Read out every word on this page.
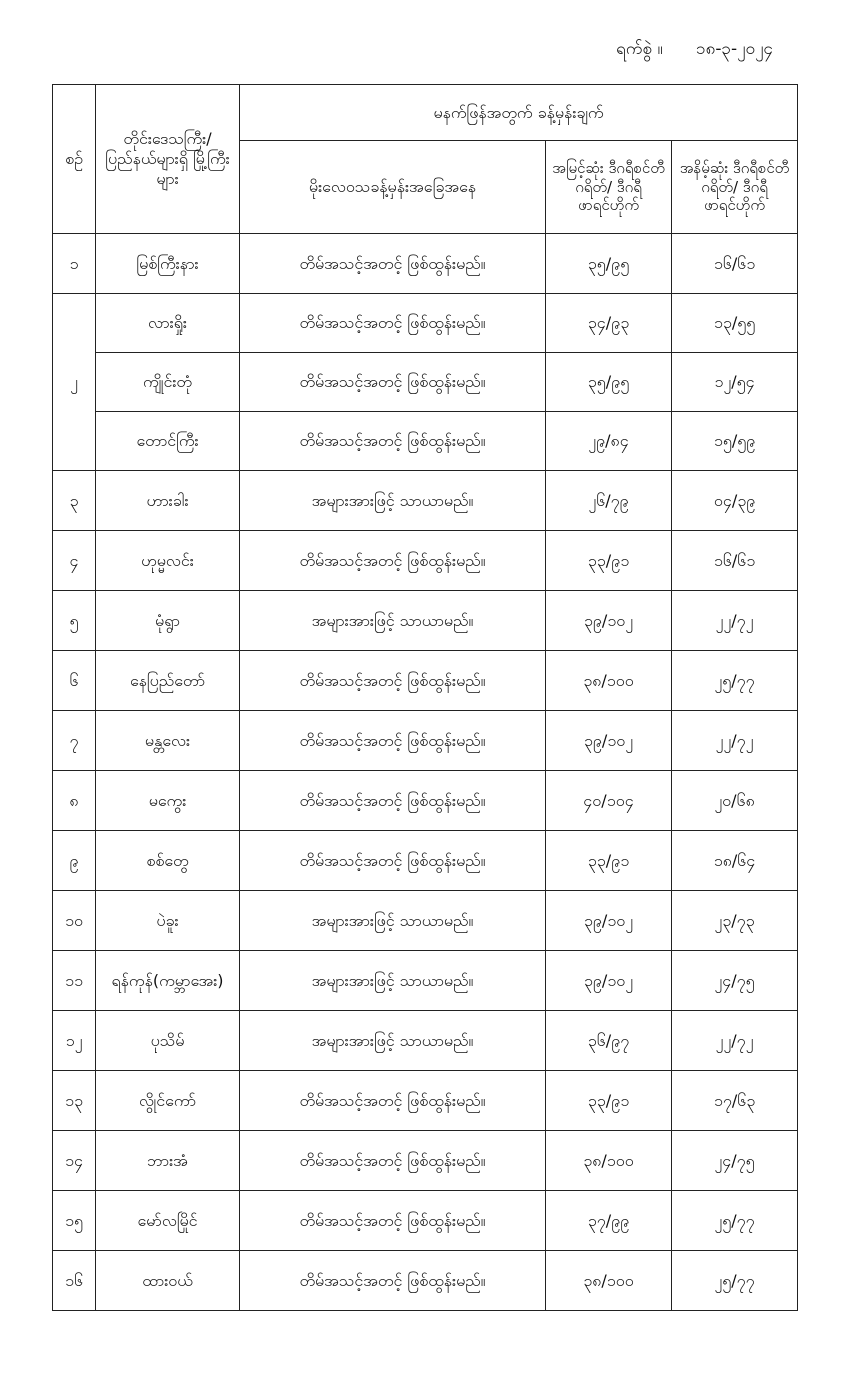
ရက်စွဲ ။ ၁၈-၃-၂၀၂၄
စဉ်	တိုင်းဒေသကြီး/ ပြည်နယ်များရှိ မြို့ကြီးများ	မနက်ဖြန်အတွက် ခန့်မှန်းချက်		
		မိုးလေဝသခန့်မှန်းအခြေအနေ	အမြင့်ဆုံး ဒီဂရီစင်တီဂရိတ်/ ဒီဂရီဖာရင်ဟိုက်	အနိမ့်ဆုံး ဒီဂရီစင်တီဂရိတ်/ ဒီဂရီဖာရင်ဟိုက်
၁	မြစ်ကြီးနား	တိမ်အသင့်အတင့် ဖြစ်ထွန်းမည်။	၃၅/၉၅	၁၆/၆၁
၂	လားရှိုး	တိမ်အသင့်အတင့် ဖြစ်ထွန်းမည်။	၃၄/၉၃	၁၃/၅၅
	ကျိုင်းတုံ	တိမ်အသင့်အတင့် ဖြစ်ထွန်းမည်။	၃၅/၉၅	၁၂/၅၄
	တောင်ကြီး	တိမ်အသင့်အတင့် ဖြစ်ထွန်းမည်။	၂၉/၈၄	၁၅/၅၉
၃	ဟားခါး	အများအားဖြင့် သာယာမည်။	၂၆/၇၉	၀၄/၃၉
၄	ဟုမ္မလင်း	တိမ်အသင့်အတင့် ဖြစ်ထွန်းမည်။	၃၃/၉၁	၁၆/၆၁
၅	မုံရွာ	အများအားဖြင့် သာယာမည်။	၃၉/၁၀၂	၂၂/၇၂
၆	နေပြည်တော်	တိမ်အသင့်အတင့် ဖြစ်ထွန်းမည်။	၃၈/၁၀၀	၂၅/၇၇
၇	မန္တလေး	တိမ်အသင့်အတင့် ဖြစ်ထွန်းမည်။	၃၉/၁၀၂	၂၂/၇၂
၈	မကွေး	တိမ်အသင့်အတင့် ဖြစ်ထွန်းမည်။	၄၀/၁၀၄	၂၀/၆၈
၉	စစ်တွေ	တိမ်အသင့်အတင့် ဖြစ်ထွန်းမည်။	၃၃/၉၁	၁၈/၆၄
၁၀	ပဲခူး	အများအားဖြင့် သာယာမည်။	၃၉/၁၀၂	၂၃/၇၃
၁၁	ရန်ကုန်(ကမ္ဘာအေး)	အများအားဖြင့် သာယာမည်။	၃၉/၁၀၂	၂၄/၇၅
၁၂	ပုသိမ်	အများအားဖြင့် သာယာမည်။	၃၆/၉၇	၂၂/၇၂
၁၃	လွိုင်ကော်	တိမ်အသင့်အတင့် ဖြစ်ထွန်းမည်။	၃၃/၉၁	၁၇/၆၃
၁၄	ဘားအံ	တိမ်အသင့်အတင့် ဖြစ်ထွန်းမည်။	၃၈/၁၀၀	၂၄/၇၅
၁၅	မော်လမြိုင်	တိမ်အသင့်အတင့် ဖြစ်ထွန်းမည်။	၃၇/၉၉	၂၅/၇၇
၁၆	ထားဝယ်	တိမ်အသင့်အတင့် ဖြစ်ထွန်းမည်။	၃၈/၁၀၀	၂၅/၇၇
